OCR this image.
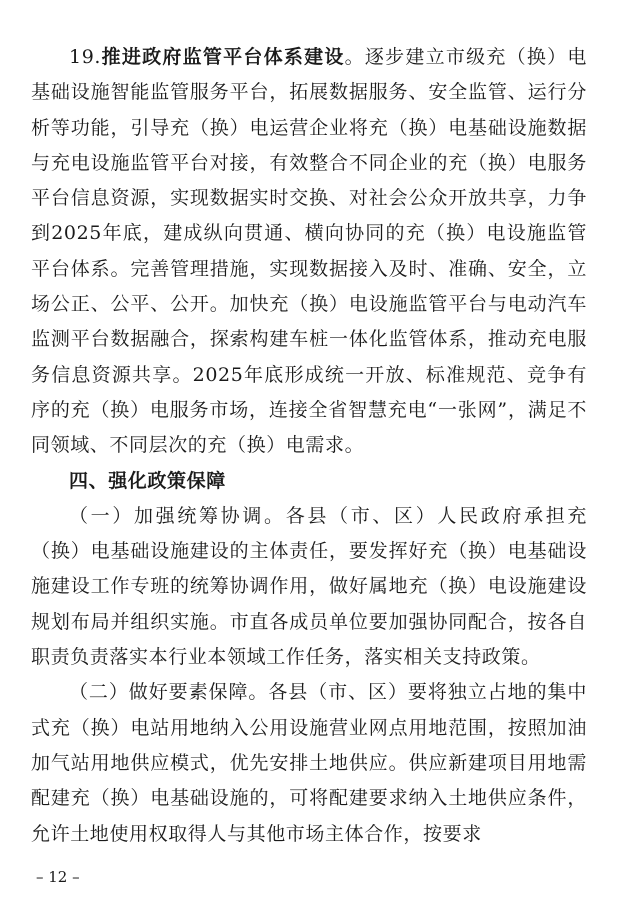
19.推进政府监管平台体系建设。逐步建立市级充（换）电基础设施智能监管服务平台，拓展数据服务、安全监管、运行分析等功能，引导充（换）电运营企业将充（换）电基础设施数据与充电设施监管平台对接，有效整合不同企业的充（换）电服务平台信息资源，实现数据实时交换、对社会公众开放共享，力争到2025年底，建成纵向贯通、横向协同的充（换）电设施监管平台体系。完善管理措施，实现数据接入及时、准确、安全，立场公正、公平、公开。加快充（换）电设施监管平台与电动汽车监测平台数据融合，探索构建车桩一体化监管体系，推动充电服务信息资源共享。2025年底形成统一开放、标准规范、竞争有序的充（换）电服务市场，连接全省智慧充电“一张网”，满足不同领域、不同层次的充（换）电需求。

四、强化政策保障

（一）加强统筹协调。各县（市、区）人民政府承担充（换）电基础设施建设的主体责任，要发挥好充（换）电基础设施建设工作专班的统筹协调作用，做好属地充（换）电设施建设规划布局并组织实施。市直各成员单位要加强协同配合，按各自职责负责落实本行业本领域工作任务，落实相关支持政策。

（二）做好要素保障。各县（市、区）要将独立占地的集中式充（换）电站用地纳入公用设施营业网点用地范围，按照加油加气站用地供应模式，优先安排土地供应。供应新建项目用地需配建充（换）电基础设施的，可将配建要求纳入土地供应条件，允许土地使用权取得人与其他市场主体合作，按要求

– 12 –
